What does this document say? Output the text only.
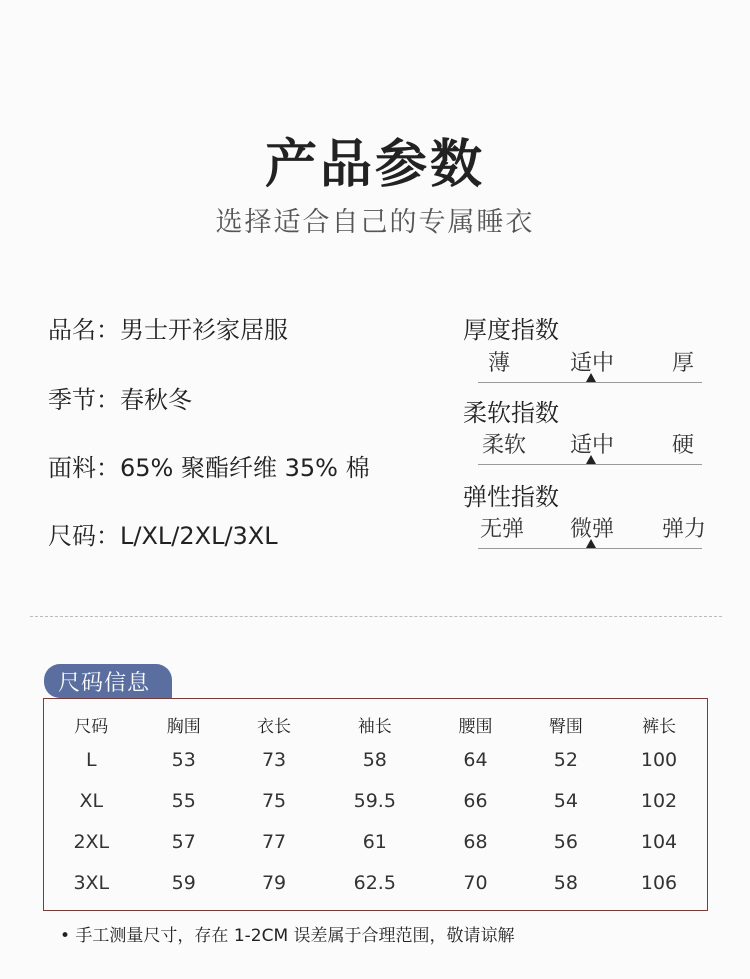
产品参数
选择适合自己的专属睡衣
品名：男士开衫家居服
季节：春秋冬
面料：65% 聚酯纤维 35% 棉
尺码：L/XL/2XL/3XL
厚度指数
薄	适中	厚
柔软指数
柔软 适中	硬
弹性指数
无弹 微弹 弹力
尺码信息
尺码	胸围	衣长	袖长	腰围	臀围	裤长
L	53	73	58	64	52	100
XL	55	75	59.5	66	54	102
2XL	57	77	61	68	56	104
3XL	59	79	62.5	70	58	106
• 手工测量尺寸，存在 1-2CM 误差属于合理范围，敬请谅解
